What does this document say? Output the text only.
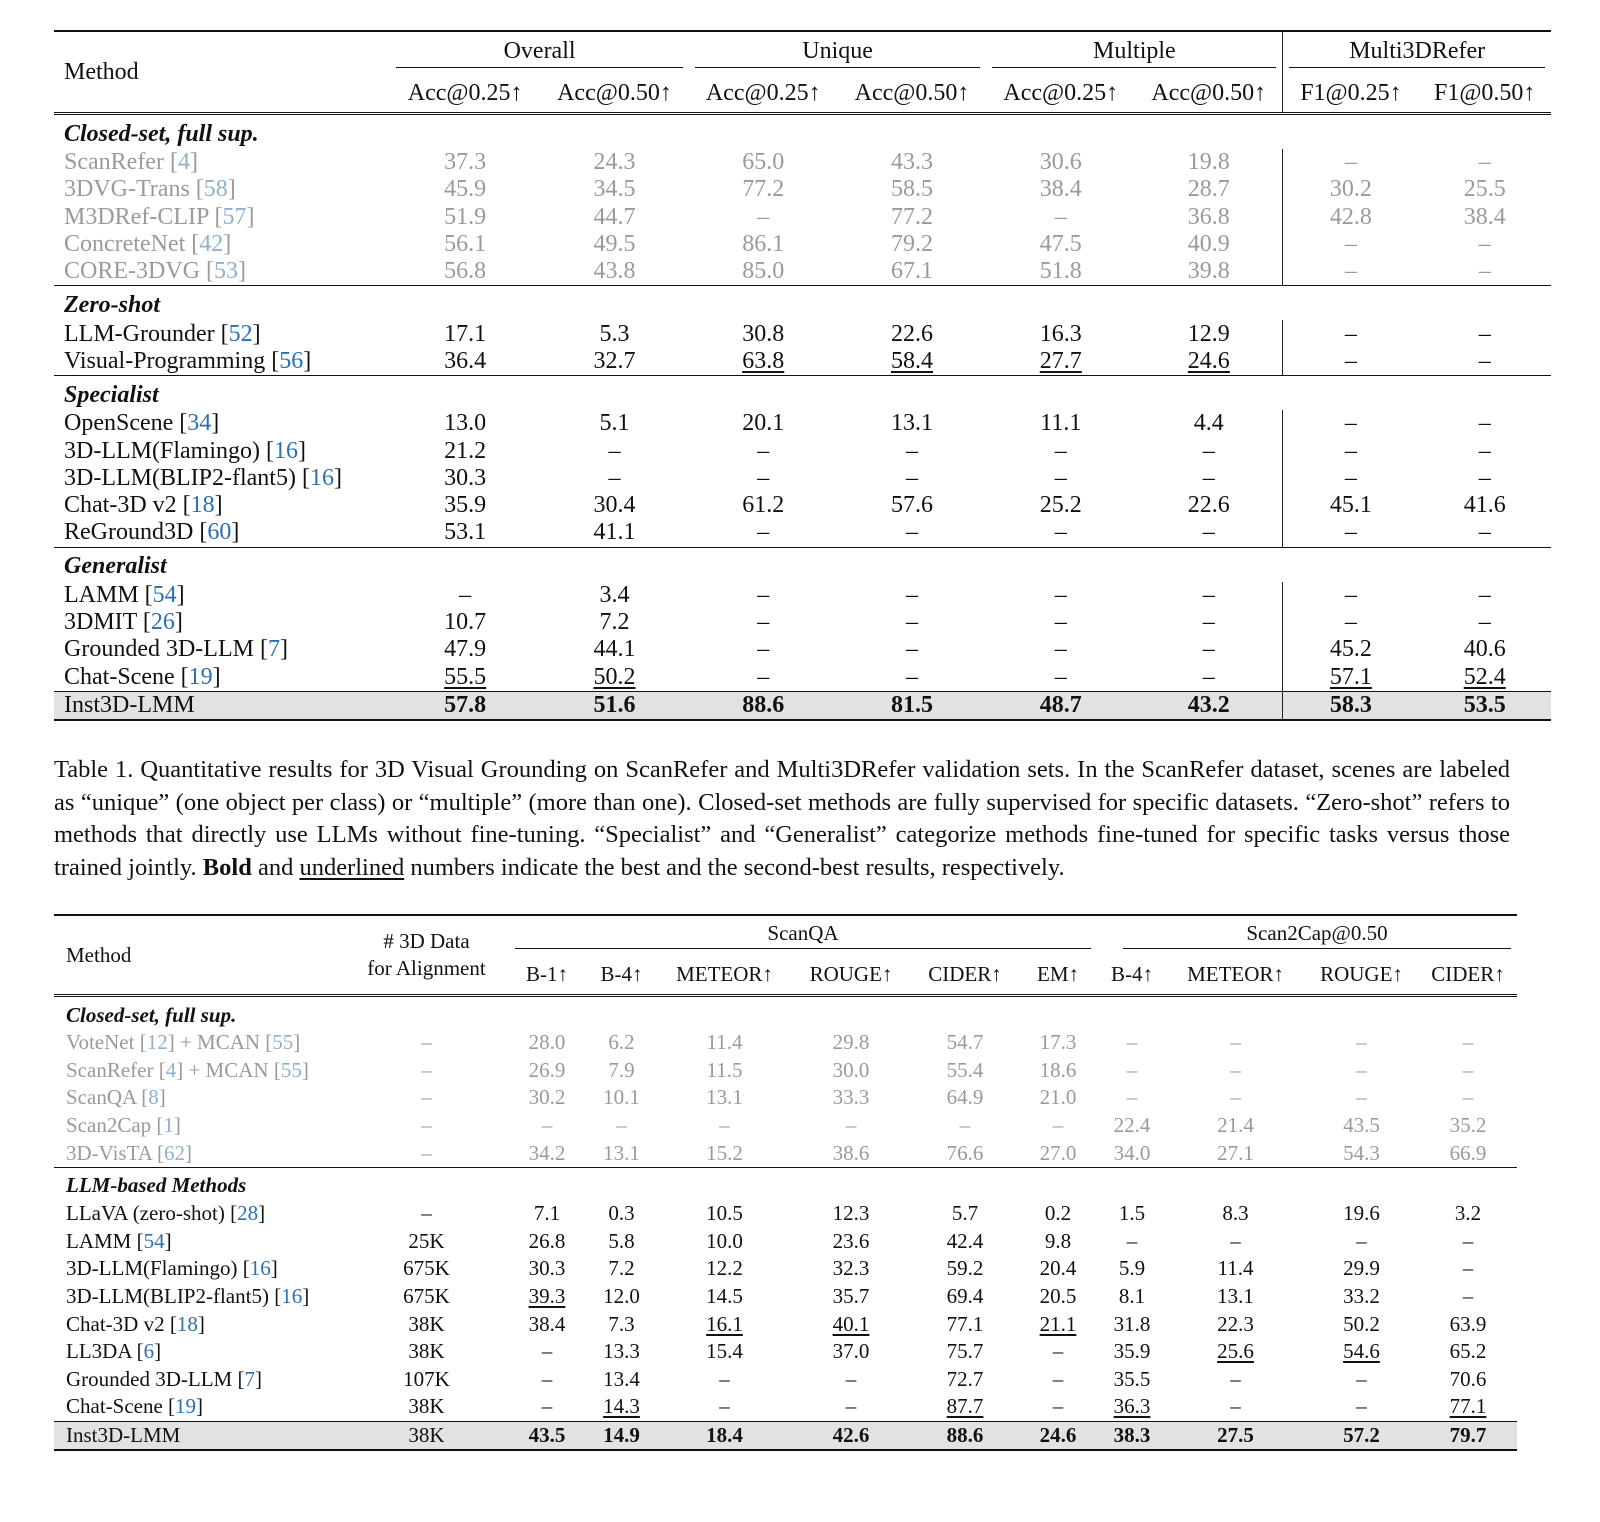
Method	Overall		Unique		Multiple		Multi3DRefer	

	Acc@0.25↑	Acc@0.50↑	Acc@0.25↑	Acc@0.50↑	Acc@0.25↑	Acc@0.50↑	F1@0.25↑	F1@0.50↑
Closed-set, full sup.								
ScanRefer [4]	37.3	24.3	65.0	43.3	30.6	19.8	–	–
3DVG-Trans [58]	45.9	34.5	77.2	58.5	38.4	28.7	30.2	25.5
M3DRef-CLIP [57]	51.9	44.7	–	77.2	–	36.8	42.8	38.4
ConcreteNet [42]	56.1	49.5	86.1	79.2	47.5	40.9	–	–
CORE-3DVG [53]	56.8	43.8	85.0	67.1	51.8	39.8	–	–
Zero-shot								
LLM-Grounder [52]	17.1	5.3	30.8	22.6	16.3	12.9	–	–
Visual-Programming [56]	36.4	32.7	63.8	58.4	27.7	24.6	–	–
Specialist								
OpenScene [34]	13.0	5.1	20.1	13.1	11.1	4.4	–	–
3D-LLM(Flamingo) [16]	21.2	–	–	–	–	–	–	–
3D-LLM(BLIP2-flant5) [16]	30.3	–	–	–	–	–	–	–
Chat-3D v2 [18]	35.9	30.4	61.2	57.6	25.2	22.6	45.1	41.6
ReGround3D [60]	53.1	41.1	–	–	–	–	–	–
Generalist								
LAMM [54]	–	3.4	–	–	–	–	–	–
3DMIT [26]	10.7	7.2	–	–	–	–	–	–
Grounded 3D-LLM [7]	47.9	44.1	–	–	–	–	45.2	40.6
Chat-Scene [19]	55.5	50.2	–	–	–	–	57.1	52.4
Inst3D-LMM	57.8	51.6	88.6	81.5	48.7	43.2	58.3	53.5
Table 1. Quantitative results for 3D Visual Grounding on ScanRefer and Multi3DRefer validation sets. In the ScanRefer dataset, scenes are labeled as “unique” (one object per class) or “multiple” (more than one). Closed-set methods are fully supervised for specific datasets. “Zero-shot” refers to methods that directly use LLMs without fine-tuning. “Specialist” and “Generalist” categorize methods fine-tuned for specific tasks versus those trained jointly. Bold and underlined numbers indicate the best and the second-best results, respectively.
Method	# 3D Data
for Alignment	ScanQA						Scan2Cap@0.50			

		B-1↑	B-4↑	METEOR↑	ROUGE↑	CIDER↑	EM↑	B-4↑	METEOR↑	ROUGE↑	CIDER↑
Closed-set, full sup.											
VoteNet [12] + MCAN [55]	–	28.0	6.2	11.4	29.8	54.7	17.3	–	–	–	–
ScanRefer [4] + MCAN [55]	–	26.9	7.9	11.5	30.0	55.4	18.6	–	–	–	–
ScanQA [8]	–	30.2	10.1	13.1	33.3	64.9	21.0	–	–	–	–
Scan2Cap [1]	–	–	–	–	–	–	–	22.4	21.4	43.5	35.2
3D-VisTA [62]	–	34.2	13.1	15.2	38.6	76.6	27.0	34.0	27.1	54.3	66.9
LLM-based Methods											
LLaVA (zero-shot) [28]	–	7.1	0.3	10.5	12.3	5.7	0.2	1.5	8.3	19.6	3.2
LAMM [54]	25K	26.8	5.8	10.0	23.6	42.4	9.8	–	–	–	–
3D-LLM(Flamingo) [16]	675K	30.3	7.2	12.2	32.3	59.2	20.4	5.9	11.4	29.9	–
3D-LLM(BLIP2-flant5) [16]	675K	39.3	12.0	14.5	35.7	69.4	20.5	8.1	13.1	33.2	–
Chat-3D v2 [18]	38K	38.4	7.3	16.1	40.1	77.1	21.1	31.8	22.3	50.2	63.9
LL3DA [6]	38K	–	13.3	15.4	37.0	75.7	–	35.9	25.6	54.6	65.2
Grounded 3D-LLM [7]	107K	–	13.4	–	–	72.7	–	35.5	–	–	70.6
Chat-Scene [19]	38K	–	14.3	–	–	87.7	–	36.3	–	–	77.1
Inst3D-LMM	38K	43.5	14.9	18.4	42.6	88.6	24.6	38.3	27.5	57.2	79.7
